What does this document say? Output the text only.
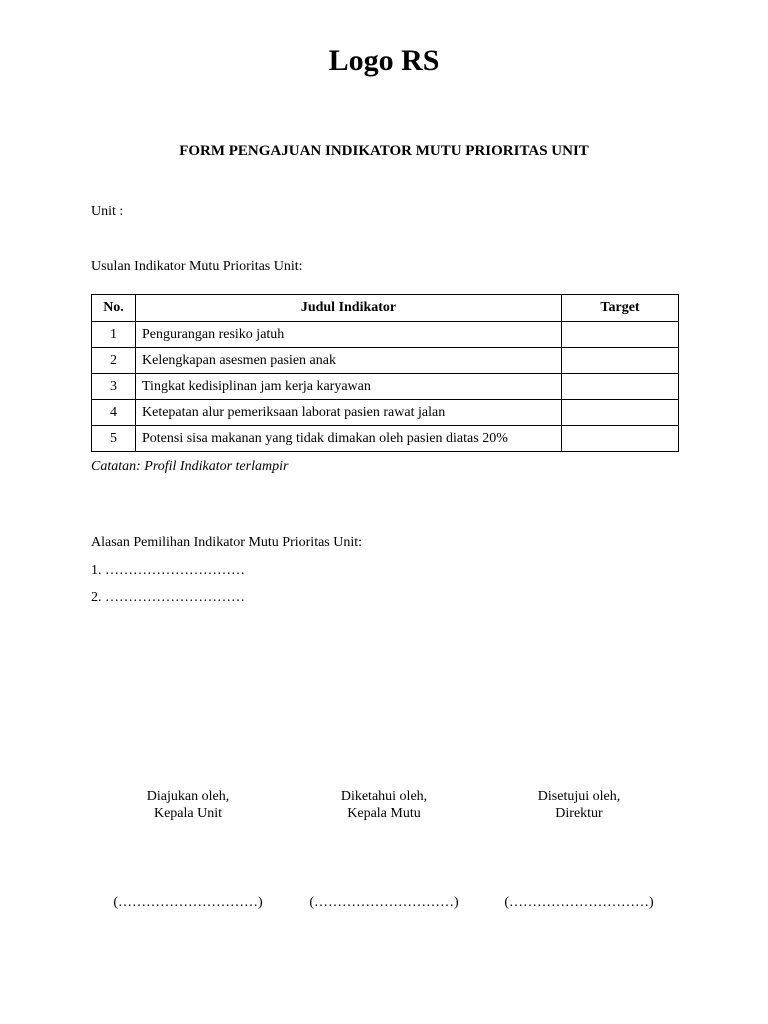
Logo RS
FORM PENGAJUAN INDIKATOR MUTU PRIORITAS UNIT
Unit :
Usulan Indikator Mutu Prioritas Unit:
No.	Judul Indikator	Target
1	Pengurangan resiko jatuh	
2	Kelengkapan asesmen pasien anak	
3	Tingkat kedisiplinan jam kerja karyawan	
4	Ketepatan alur pemeriksaan laborat pasien rawat jalan	
5	Potensi sisa makanan yang tidak dimakan oleh pasien diatas 20%	
Catatan: Profil Indikator terlampir
Alasan Pemilihan Indikator Mutu Prioritas Unit:
1. …………………………
2. …………………………
Diajukan oleh,
Kepala Unit
Diketahui oleh,
Kepala Mutu
Disetujui oleh,
Direktur
(…………………………)	(…………………………)	(…………………………)
